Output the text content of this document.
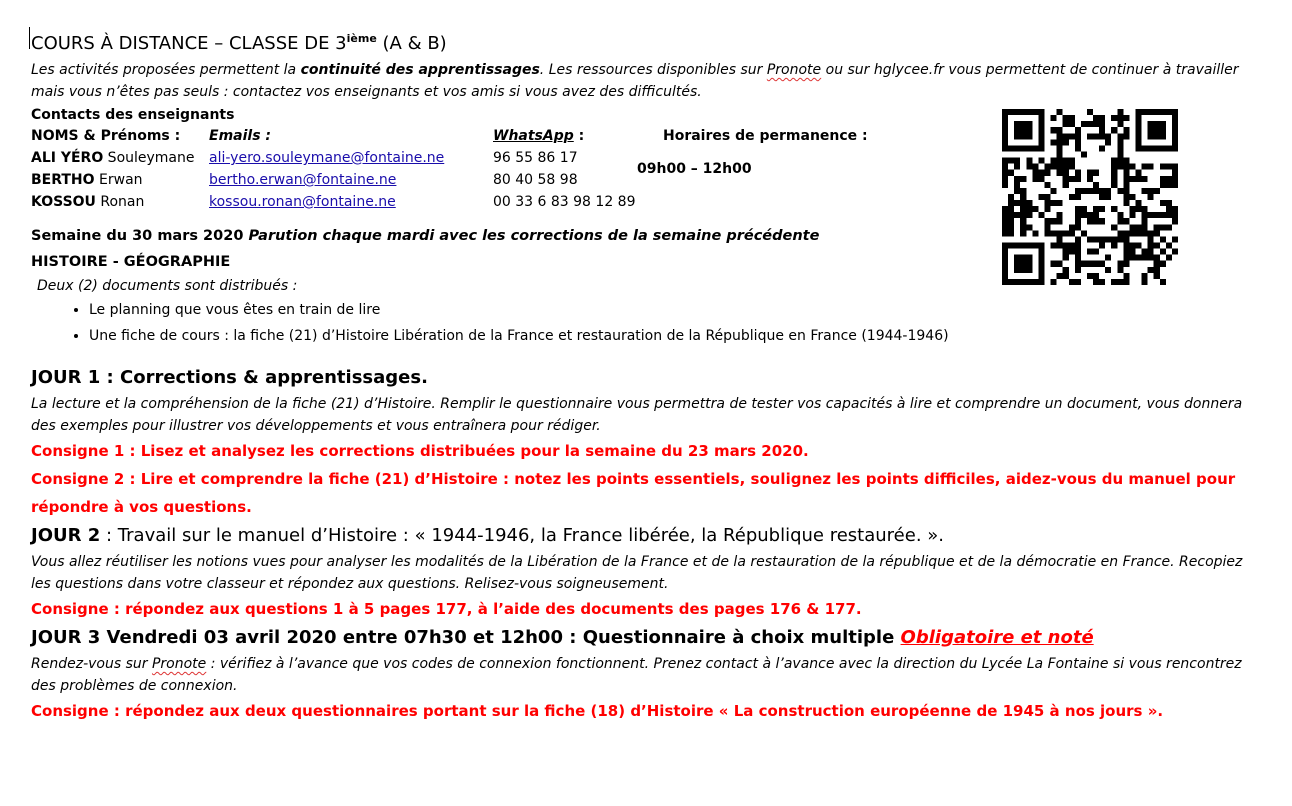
COURS À DISTANCE – CLASSE DE 3ième (A & B)

Les activités proposées permettent la continuité des apprentissages. Les ressources disponibles sur Pronote ou sur hglycee.fr vous permettent de continuer à travailler mais vous n’êtes pas seuls : contactez vos enseignants et vos amis si vous avez des difficultés.

Contacts des enseignants
NOMS & Prénoms :	Emails :	WhatsApp :	Horaires de permanence :
ALI YÉRO Souleymane	ali-yero.souleymane@fontaine.ne	96 55 86 17	
BERTHO Erwan	bertho.erwan@fontaine.ne	80 40 58 98	09h00 – 12h00
KOSSOU Ronan	kossou.ronan@fontaine.ne	00 33 6 83 98 12 89	
Semaine du 30 mars 2020 Parution chaque mardi avec les corrections de la semaine précédente
HISTOIRE - GÉOGRAPHIE
Deux (2) documents sont distribués :
• Le planning que vous êtes en train de lire
• Une fiche de cours : la fiche (21) d’Histoire Libération de la France et restauration de la République en France (1944-1946)
JOUR 1 : Corrections & apprentissages.

La lecture et la compréhension de la fiche (21) d’Histoire. Remplir le questionnaire vous permettra de tester vos capacités à lire et comprendre un document, vous donnera des exemples pour illustrer vos développements et vous entraînera pour rédiger.

Consigne 1 : Lisez et analysez les corrections distribuées pour la semaine du 23 mars 2020.

Consigne 2 : Lire et comprendre la fiche (21) d’Histoire : notez les points essentiels, soulignez les points difficiles, aidez-vous du manuel pour répondre à vos questions.

JOUR 2 : Travail sur le manuel d’Histoire : « 1944-1946, la France libérée, la République restaurée. ».

Vous allez réutiliser les notions vues pour analyser les modalités de la Libération de la France et de la restauration de la république et de la démocratie en France. Recopiez les questions dans votre classeur et répondez aux questions. Relisez-vous soigneusement.

Consigne : répondez aux questions 1 à 5 pages 177, à l’aide des documents des pages 176 & 177.

JOUR 3 Vendredi 03 avril 2020 entre 07h30 et 12h00 : Questionnaire à choix multiple Obligatoire et noté

Rendez-vous sur Pronote : vérifiez à l’avance que vos codes de connexion fonctionnent. Prenez contact à l’avance avec la direction du Lycée La Fontaine si vous rencontrez des problèmes de connexion.

Consigne : répondez aux deux questionnaires portant sur la fiche (18) d’Histoire « La construction européenne de 1945 à nos jours ».
